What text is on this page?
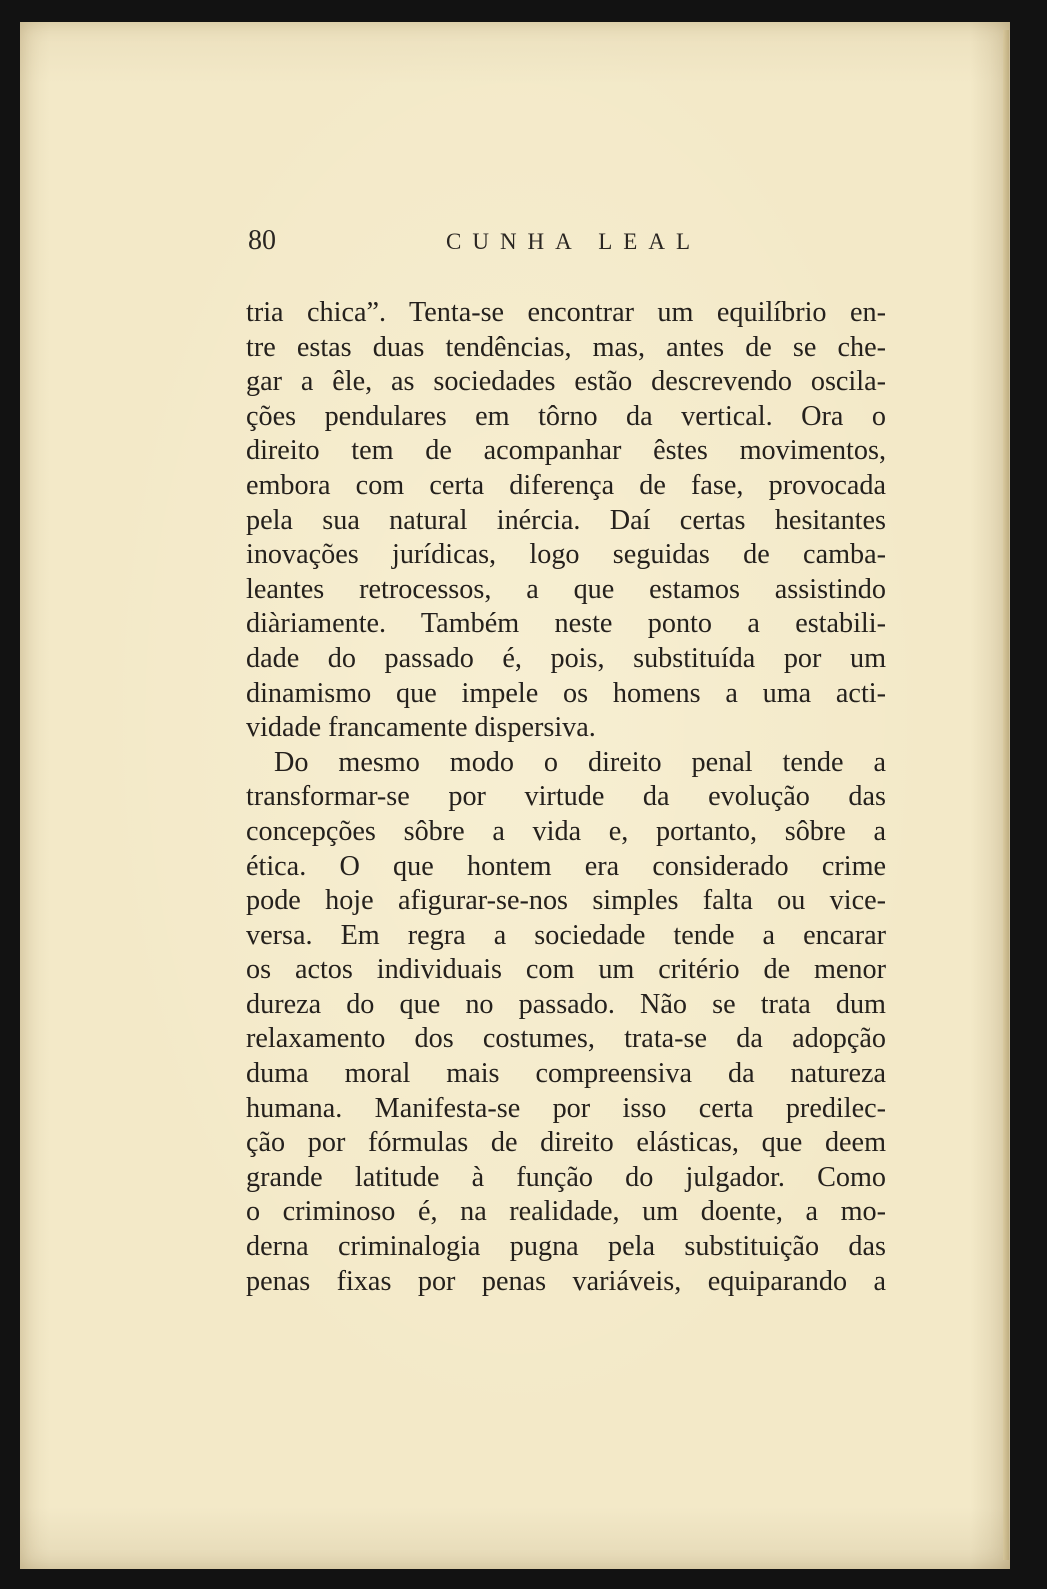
80	CUNHA LEAL
tria chica”. Tenta-se encontrar um equilíbrio en-
tre estas duas tendências, mas, antes de se che-
gar a êle, as sociedades estão descrevendo oscila-
ções pendulares em tôrno da vertical. Ora o
direito tem de acompanhar êstes movimentos,
embora com certa diferença de fase, provocada
pela sua natural inércia. Daí certas hesitantes
inovações jurídicas, logo seguidas de camba-
leantes retrocessos, a que estamos assistindo
diàriamente. Também neste ponto a estabili-
dade do passado é, pois, substituída por um
dinamismo que impele os homens a uma acti-
vidade francamente dispersiva.
Do mesmo modo o direito penal tende a
transformar-se por virtude da evolução das
concepções sôbre a vida e, portanto, sôbre a
ética. O que hontem era considerado crime
pode hoje afigurar-se-nos simples falta ou vice-
versa. Em regra a sociedade tende a encarar
os actos individuais com um critério de menor
dureza do que no passado. Não se trata dum
relaxamento dos costumes, trata-se da adopção
duma moral mais compreensiva da natureza
humana. Manifesta-se por isso certa predilec-
ção por fórmulas de direito elásticas, que deem
grande latitude à função do julgador. Como
o criminoso é, na realidade, um doente, a mo-
derna criminalogia pugna pela substituição das
penas fixas por penas variáveis, equiparando a
